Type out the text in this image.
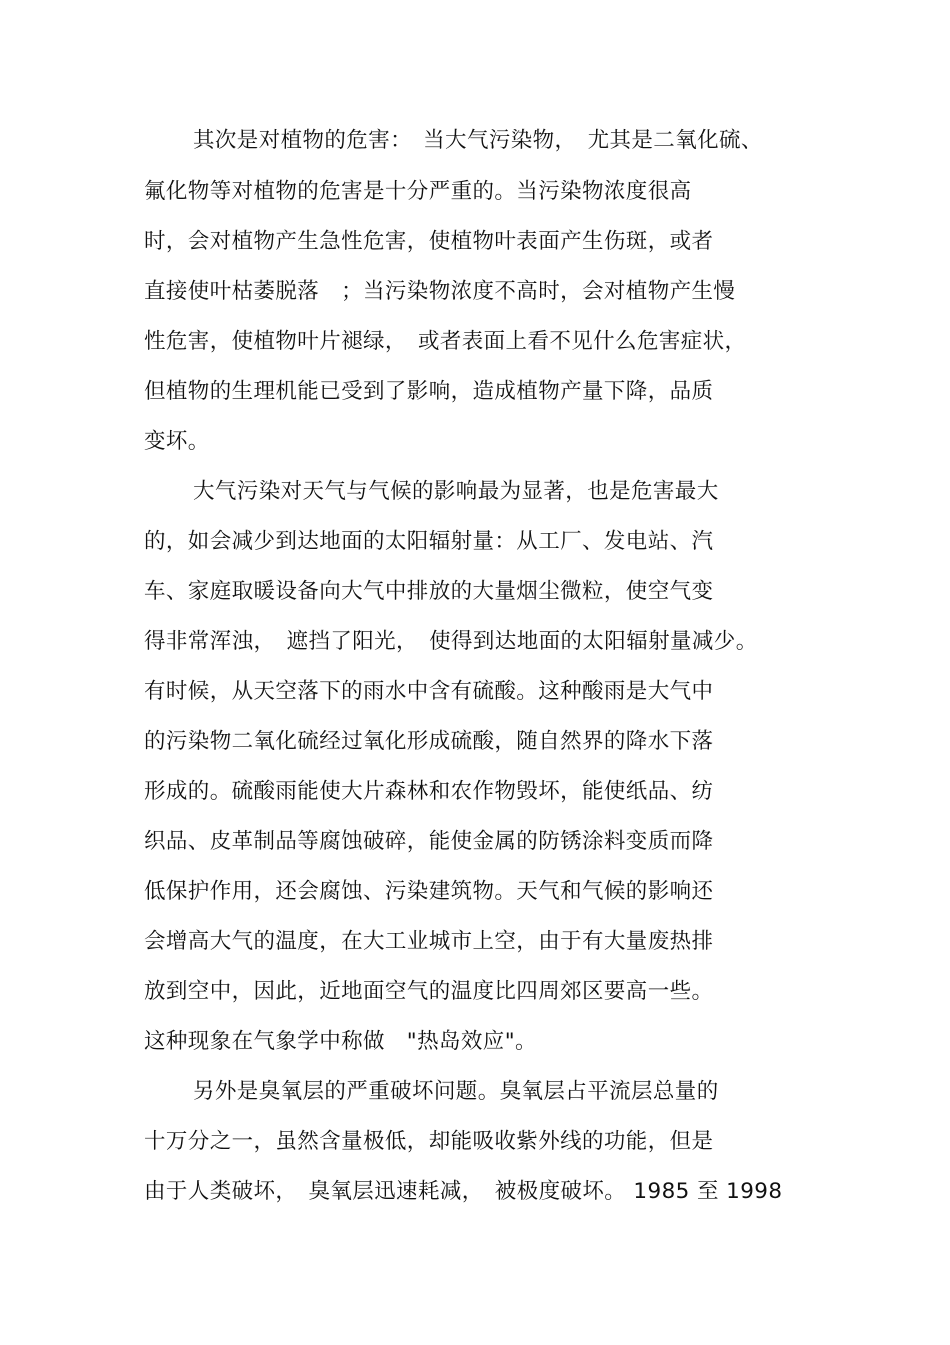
其次是对植物的危害：　当大气污染物，　尤其是二氧化硫、
氟化物等对植物的危害是十分严重的。当污染物浓度很高
时，会对植物产生急性危害，使植物叶表面产生伤斑，或者
直接使叶枯萎脱落　；当污染物浓度不高时，会对植物产生慢
性危害，使植物叶片褪绿，　或者表面上看不见什么危害症状，
但植物的生理机能已受到了影响，造成植物产量下降，品质
变坏。
大气污染对天气与气候的影响最为显著，也是危害最大
的，如会减少到达地面的太阳辐射量：从工厂、发电站、汽
车、家庭取暖设备向大气中排放的大量烟尘微粒，使空气变
得非常浑浊，　遮挡了阳光，　使得到达地面的太阳辐射量减少。
有时候，从天空落下的雨水中含有硫酸。这种酸雨是大气中
的污染物二氧化硫经过氧化形成硫酸，随自然界的降水下落
形成的。硫酸雨能使大片森林和农作物毁坏，能使纸品、纺
织品、皮革制品等腐蚀破碎，能使金属的防锈涂料变质而降
低保护作用，还会腐蚀、污染建筑物。天气和气候的影响还
会增高大气的温度，在大工业城市上空，由于有大量废热排
放到空中，因此，近地面空气的温度比四周郊区要高一些。
这种现象在气象学中称做　"热岛效应"。
另外是臭氧层的严重破坏问题。臭氧层占平流层总量的
十万分之一，虽然含量极低，却能吸收紫外线的功能，但是
由于人类破坏，　臭氧层迅速耗减，　被极度破坏。 1985 至 1998
